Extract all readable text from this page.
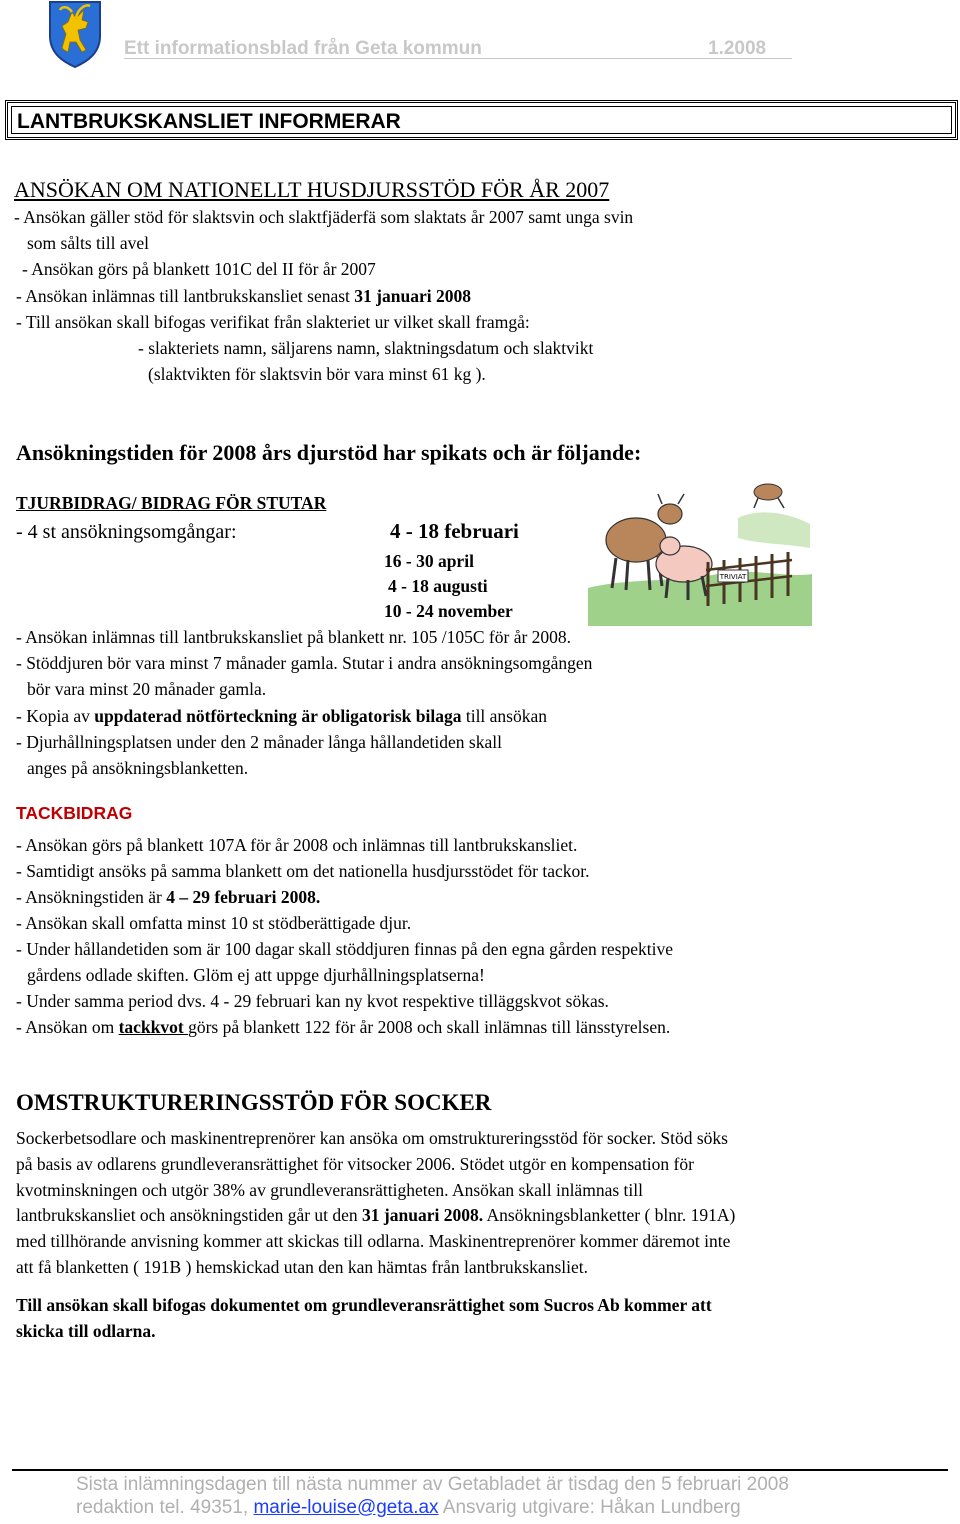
Ett informationsblad från Geta kommun	1.2008
LANTBRUKSKANSLIET INFORMERAR
ANSÖKAN OM NATIONELLT HUSDJURSSTÖD FÖR ÅR 2007
- Ansökan gäller stöd för slaktsvin och slaktfjäderfä som slaktats år 2007 samt unga svin
som sålts till avel
- Ansökan görs på blankett 101C del II för år 2007
- Ansökan inlämnas till lantbrukskansliet senast 31 januari 2008
- Till ansökan skall bifogas verifikat från slakteriet ur vilket skall framgå:
- slakteriets namn, säljarens namn, slaktningsdatum och slaktvikt
(slaktvikten för slaktsvin bör vara minst 61 kg ).
Ansökningstiden för 2008 års djurstöd har spikats och är följande:
TJURBIDRAG/ BIDRAG FÖR STUTAR
- 4 st ansökningsomgångar:	4 - 18 februari
16 - 30 april
4 - 18 augusti
10 - 24 november
TRIVIAT
- Ansökan inlämnas till lantbrukskansliet på blankett nr. 105 /105C för år 2008.
- Stöddjuren bör vara minst 7 månader gamla. Stutar i andra ansökningsomgången
bör vara minst 20 månader gamla.
- Kopia av uppdaterad nötförteckning är obligatorisk bilaga till ansökan
- Djurhållningsplatsen under den 2 månader långa hållandetiden skall
anges på ansökningsblanketten.
TACKBIDRAG
- Ansökan görs på blankett 107A för år 2008 och inlämnas till lantbrukskansliet.
- Samtidigt ansöks på samma blankett om det nationella husdjursstödet för tackor.
- Ansökningstiden är 4 – 29 februari 2008.
- Ansökan skall omfatta minst 10 st stödberättigade djur.
- Under hållandetiden som är 100 dagar skall stöddjuren finnas på den egna gården respektive
gårdens odlade skiften. Glöm ej att uppge djurhållningsplatserna!
- Under samma period dvs. 4 - 29 februari kan ny kvot respektive tilläggskvot sökas.
- Ansökan om tackkvot görs på blankett 122 för år 2008 och skall inlämnas till länsstyrelsen.
OMSTRUKTURERINGSSTÖD FÖR SOCKER
Sockerbetsodlare och maskinentreprenörer kan ansöka om omstruktureringsstöd för socker. Stöd söks
på basis av odlarens grundleveransrättighet för vitsocker 2006. Stödet utgör en kompensation för
kvotminskningen och utgör 38% av grundleveransrättigheten. Ansökan skall inlämnas till
lantbrukskansliet och ansökningstiden går ut den 31 januari 2008. Ansökningsblanketter ( blnr. 191A)
med tillhörande anvisning kommer att skickas till odlarna. Maskinentreprenörer kommer däremot inte
att få blanketten ( 191B ) hemskickad utan den kan hämtas från lantbrukskansliet.
Till ansökan skall bifogas dokumentet om grundleveransrättighet som Sucros Ab kommer att
skicka till odlarna.
Sista inlämningsdagen till nästa nummer av Getabladet är tisdag den 5 februari 2008
redaktion tel. 49351, marie-louise@geta.ax Ansvarig utgivare: Håkan Lundberg
